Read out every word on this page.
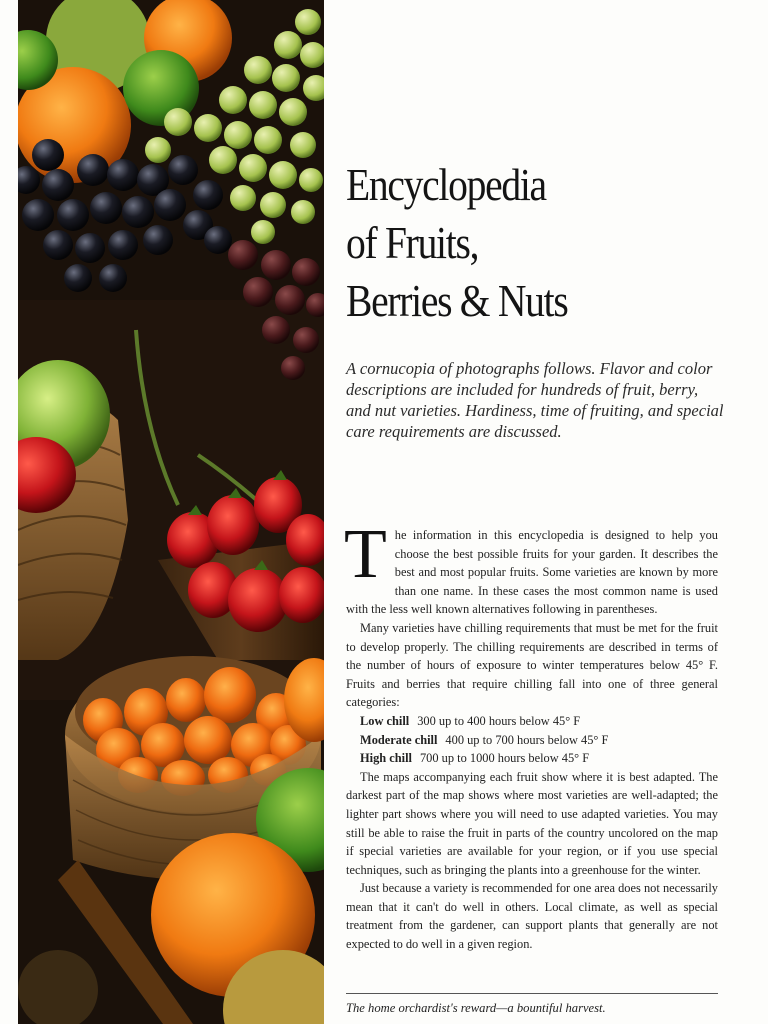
Encyclopedia
of Fruits,
Berries & Nuts

A cornucopia of photographs follows. Flavor and color descriptions are included for hundreds of fruit, berry, and nut varieties. Hardiness, time of fruiting, and special care requirements are discussed.

The information in this encyclopedia is designed to help you choose the best possible fruits for your garden. It describes the best and most popular fruits. Some varieties are known by more than one name. In these cases the most common name is used with the less well known alternatives following in parentheses.

Many varieties have chilling requirements that must be met for the fruit to develop properly. The chilling requirements are described in terms of the number of hours of exposure to winter temperatures below 45° F. Fruits and berries that require chilling fall into one of three general categories:

Low chill 300 up to 400 hours below 45° F

Moderate chill 400 up to 700 hours below 45° F

High chill 700 up to 1000 hours below 45° F

The maps accompanying each fruit show where it is best adapted. The darkest part of the map shows where most varieties are well-adapted; the lighter part shows where you will need to use adapted varieties. You may still be able to raise the fruit in parts of the country uncolored on the map if special varieties are available for your region, or if you use special techniques, such as bringing the plants into a greenhouse for the winter.

Just because a variety is recommended for one area does not necessarily mean that it can't do well in others. Local climate, as well as special treatment from the gardener, can support plants that generally are not expected to do well in a given region.

The home orchardist's reward—a bountiful harvest.
